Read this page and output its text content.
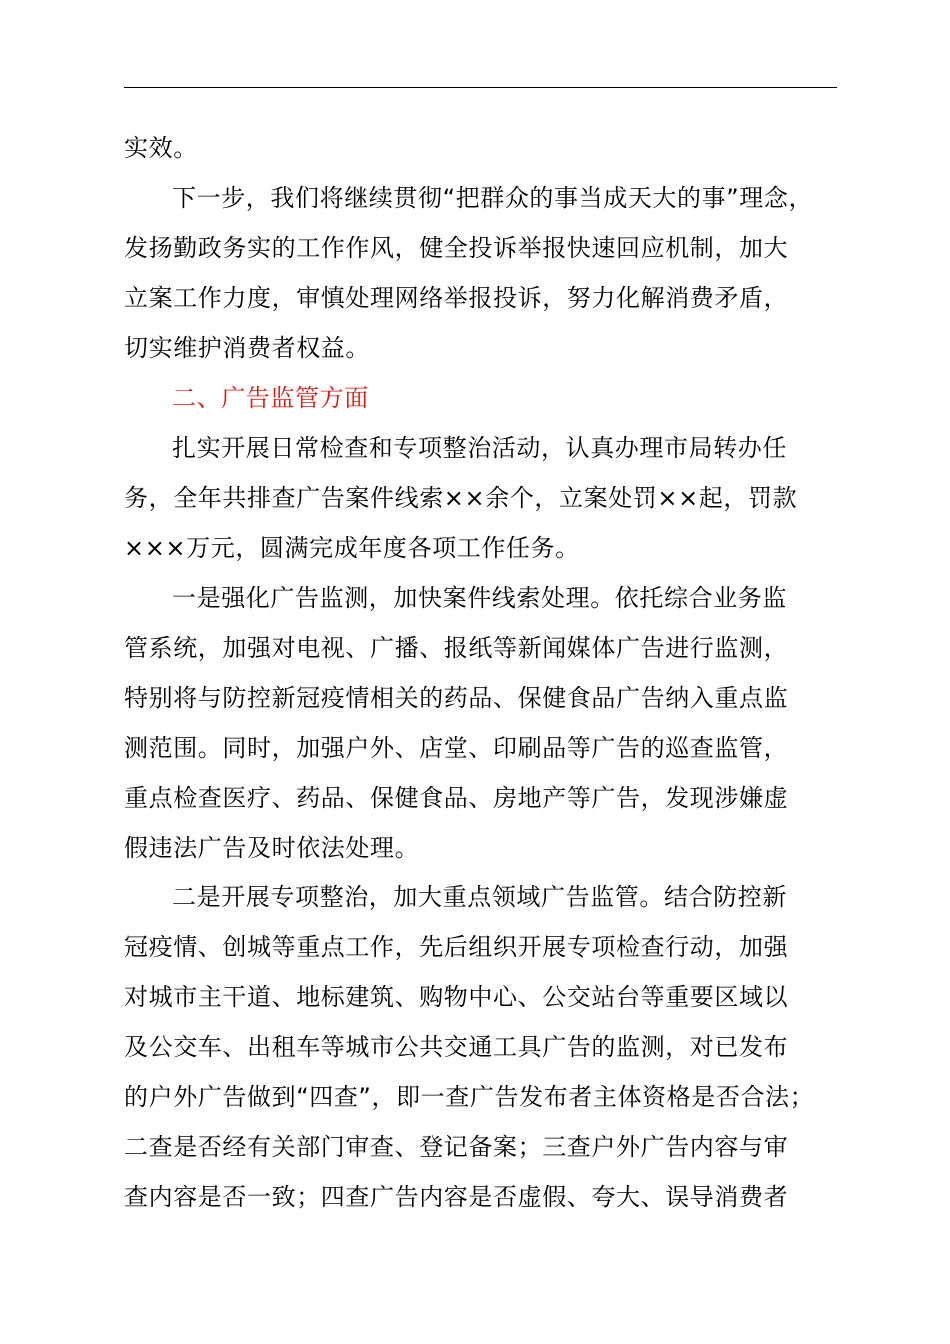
实效。
下一步，我们将继续贯彻“把群众的事当成天大的事”理念，
发扬勤政务实的工作作风，健全投诉举报快速回应机制，加大
立案工作力度，审慎处理网络举报投诉，努力化解消费矛盾，
切实维护消费者权益。
二、广告监管方面
扎实开展日常检查和专项整治活动，认真办理市局转办任
务，全年共排查广告案件线索××余个，立案处罚××起，罚款
×××万元，圆满完成年度各项工作任务。
一是强化广告监测，加快案件线索处理。依托综合业务监
管系统，加强对电视、广播、报纸等新闻媒体广告进行监测，
特别将与防控新冠疫情相关的药品、保健食品广告纳入重点监
测范围。同时，加强户外、店堂、印刷品等广告的巡查监管，
重点检查医疗、药品、保健食品、房地产等广告，发现涉嫌虚
假违法广告及时依法处理。
二是开展专项整治，加大重点领域广告监管。结合防控新
冠疫情、创城等重点工作，先后组织开展专项检查行动，加强
对城市主干道、地标建筑、购物中心、公交站台等重要区域以
及公交车、出租车等城市公共交通工具广告的监测，对已发布
的户外广告做到“四查”，即一查广告发布者主体资格是否合法；
二查是否经有关部门审查、登记备案；三查户外广告内容与审
查内容是否一致；四查广告内容是否虚假、夸大、误导消费者
